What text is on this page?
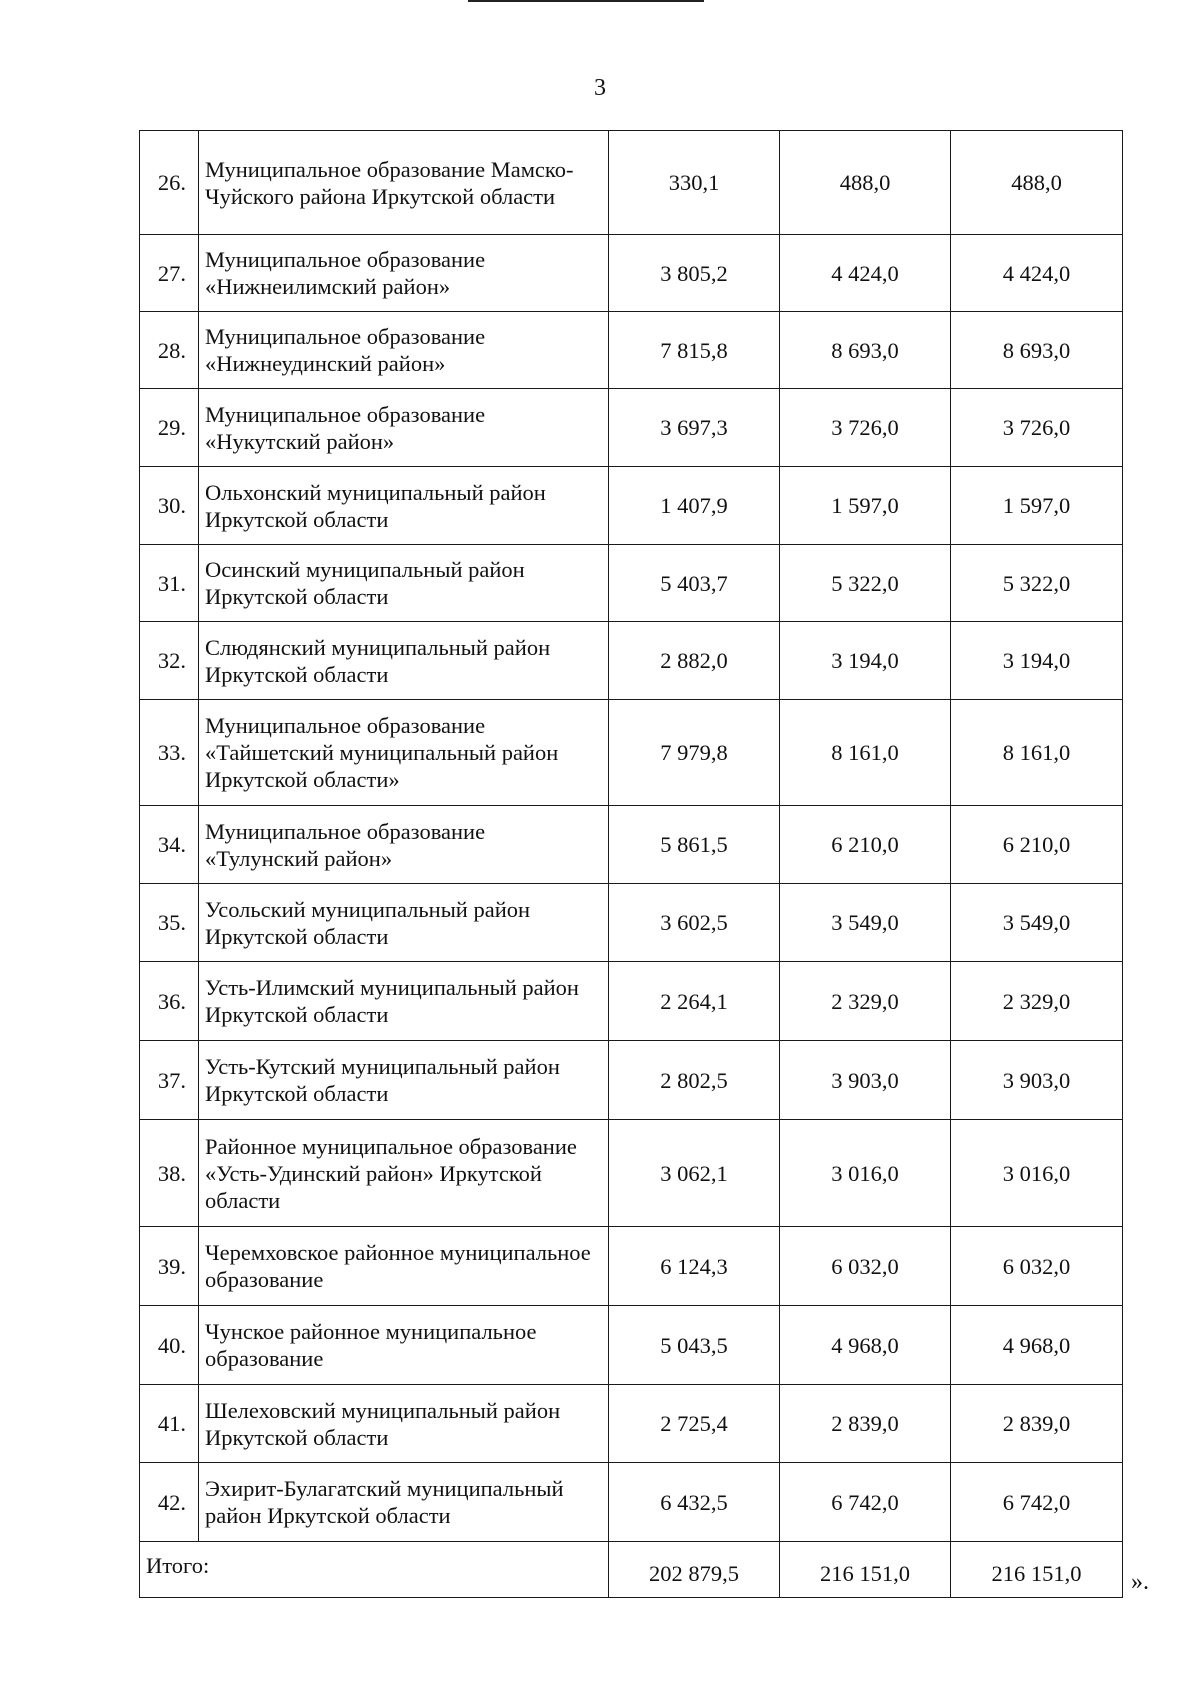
3
26.	Муниципальное образование Мамско-Чуйского района Иркутской области	330,1	488,0	488,0
27.	Муниципальное образование «Нижнеилимский район»	3 805,2	4 424,0	4 424,0
28.	Муниципальное образование «Нижнеудинский район»	7 815,8	8 693,0	8 693,0
29.	Муниципальное образование «Нукутский район»	3 697,3	3 726,0	3 726,0
30.	Ольхонский муниципальный район Иркутской области	1 407,9	1 597,0	1 597,0
31.	Осинский муниципальный район Иркутской области	5 403,7	5 322,0	5 322,0
32.	Слюдянский муниципальный район Иркутской области	2 882,0	3 194,0	3 194,0
33.	Муниципальное образование «Тайшетский муниципальный район Иркутской области»	7 979,8	8 161,0	8 161,0
34.	Муниципальное образование «Тулунский район»	5 861,5	6 210,0	6 210,0
35.	Усольский муниципальный район Иркутской области	3 602,5	3 549,0	3 549,0
36.	Усть-Илимский муниципальный район Иркутской области	2 264,1	2 329,0	2 329,0
37.	Усть-Кутский муниципальный район Иркутской области	2 802,5	3 903,0	3 903,0
38.	Районное муниципальное образование «Усть-Удинский район» Иркутской области	3 062,1	3 016,0	3 016,0
39.	Черемховское районное муниципальное образование	6 124,3	6 032,0	6 032,0
40.	Чунское районное муниципальное образование	5 043,5	4 968,0	4 968,0
41.	Шелеховский муниципальный район Иркутской области	2 725,4	2 839,0	2 839,0
42.	Эхирит-Булагатский муниципальный район Иркутской области	6 432,5	6 742,0	6 742,0
Итого:		202 879,5	216 151,0	216 151,0 ».
